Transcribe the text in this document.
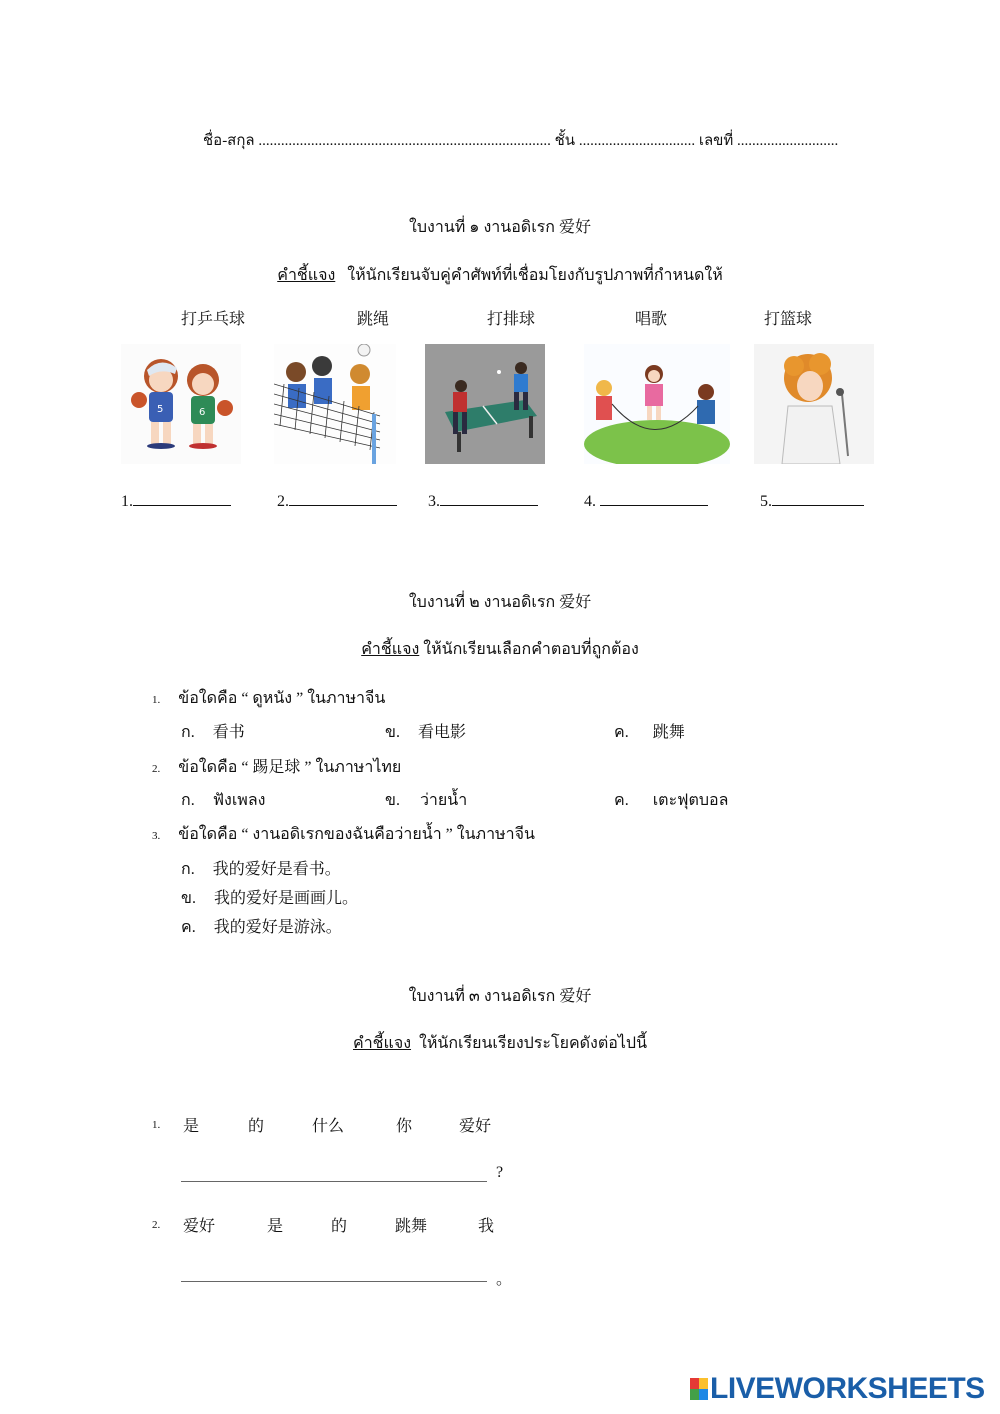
ชื่อ-สกุล .............................................................................. ชั้น ............................... เลขที่ ...........................
ใบงานที่ ๑ งานอดิเรก 爱好
คำชี้แจง ให้นักเรียนจับคู่คำศัพท์ที่เชื่อมโยงกับรูปภาพที่กำหนดให้
打乒乓球	跳绳	打排球	唱歌	打篮球
5	6
1.	2.	3.	4.	5.
ใบงานที่ ๒ งานอดิเรก 爱好
คำชี้แจง ให้นักเรียนเลือกคำตอบที่ถูกต้อง
1. ข้อใดคือ “ ดูหนัง ” ในภาษาจีน
ก. 看书	ข. 看电影	ค. 跳舞
2. ข้อใดคือ “ 踢足球 ” ในภาษาไทย
ก. ฟังเพลง	ข. ว่ายน้ำ	ค. เตะฟุตบอล
3. ข้อใดคือ “ งานอดิเรกของฉันคือว่ายน้ำ ” ในภาษาจีน
ก. 我的爱好是看书。
ข. 我的爱好是画画儿。
ค. 我的爱好是游泳。
ใบงานที่ ๓ งานอดิเรก 爱好
คำชี้แจง ให้นักเรียนเรียงประโยคดังต่อไปนี้
1. 是	的	什么	你	爱好
?
2. 爱好	是	的	跳舞	我
。
LIVEWORKSHEETS
